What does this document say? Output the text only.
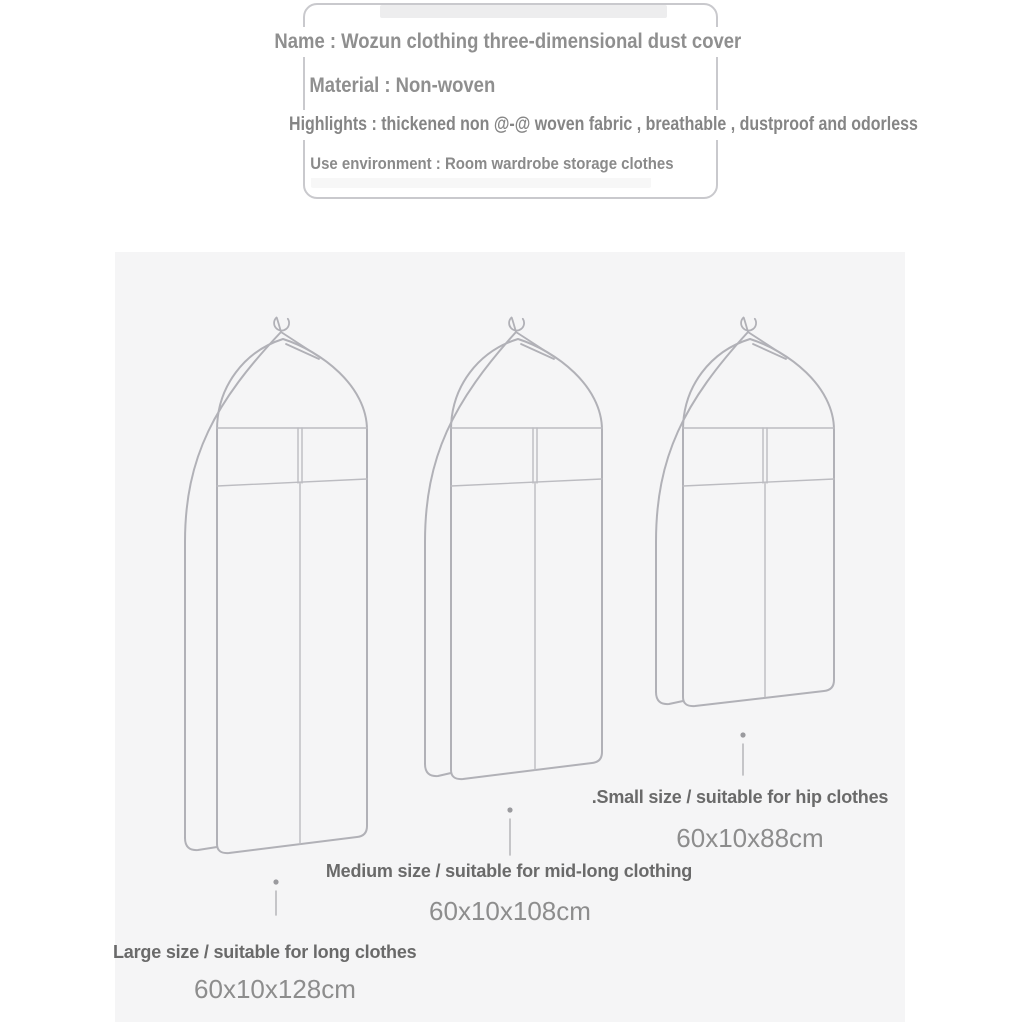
Name : Wozun clothing three-dimensional dust cover
Material : Non-woven
Highlights : thickened non @-@ woven fabric , breathable , dustproof and odorless
Use environment : Room wardrobe storage clothes
.Small size / suitable for hip clothes
60x10x88cm
Medium size / suitable for mid-long clothing
60x10x108cm
Large size / suitable for long clothes
60x10x128cm
